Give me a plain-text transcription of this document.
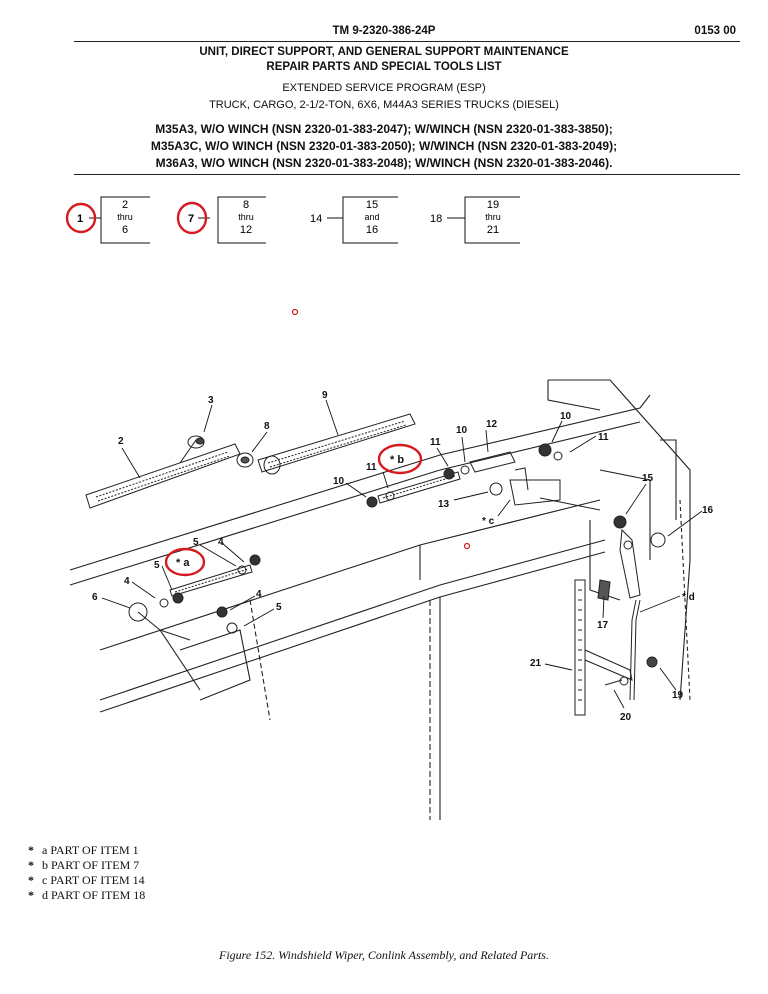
TM 9-2320-386-24P	0153 00
UNIT, DIRECT SUPPORT, AND GENERAL SUPPORT MAINTENANCE
REPAIR PARTS AND SPECIAL TOOLS LIST
EXTENDED SERVICE PROGRAM (ESP)
TRUCK, CARGO, 2-1/2-TON, 6X6, M44A3 SERIES TRUCKS (DIESEL)
M35A3, W/O WINCH (NSN 2320-01-383-2047); W/WINCH (NSN 2320-01-383-3850);
M35A3C, W/O WINCH (NSN 2320-01-383-2050); W/WINCH (NSN 2320-01-383-2049);
M36A3, W/O WINCH (NSN 2320-01-383-2048); W/WINCH (NSN 2320-01-383-2046).
1
2
thru
6
7
8
thru
12
14
15
and
16
18
19
thru
21
2
3
8
9
12
10
11
11
10
13
* c
10
11
15
16
* d
17
21
20
19
6
4
5
5 4
4
5
* a
* b
* a PART OF ITEM 1
* b PART OF ITEM 7
* c PART OF ITEM 14
* d PART OF ITEM 18
Figure 152. Windshield Wiper, Conlink Assembly, and Related Parts.
